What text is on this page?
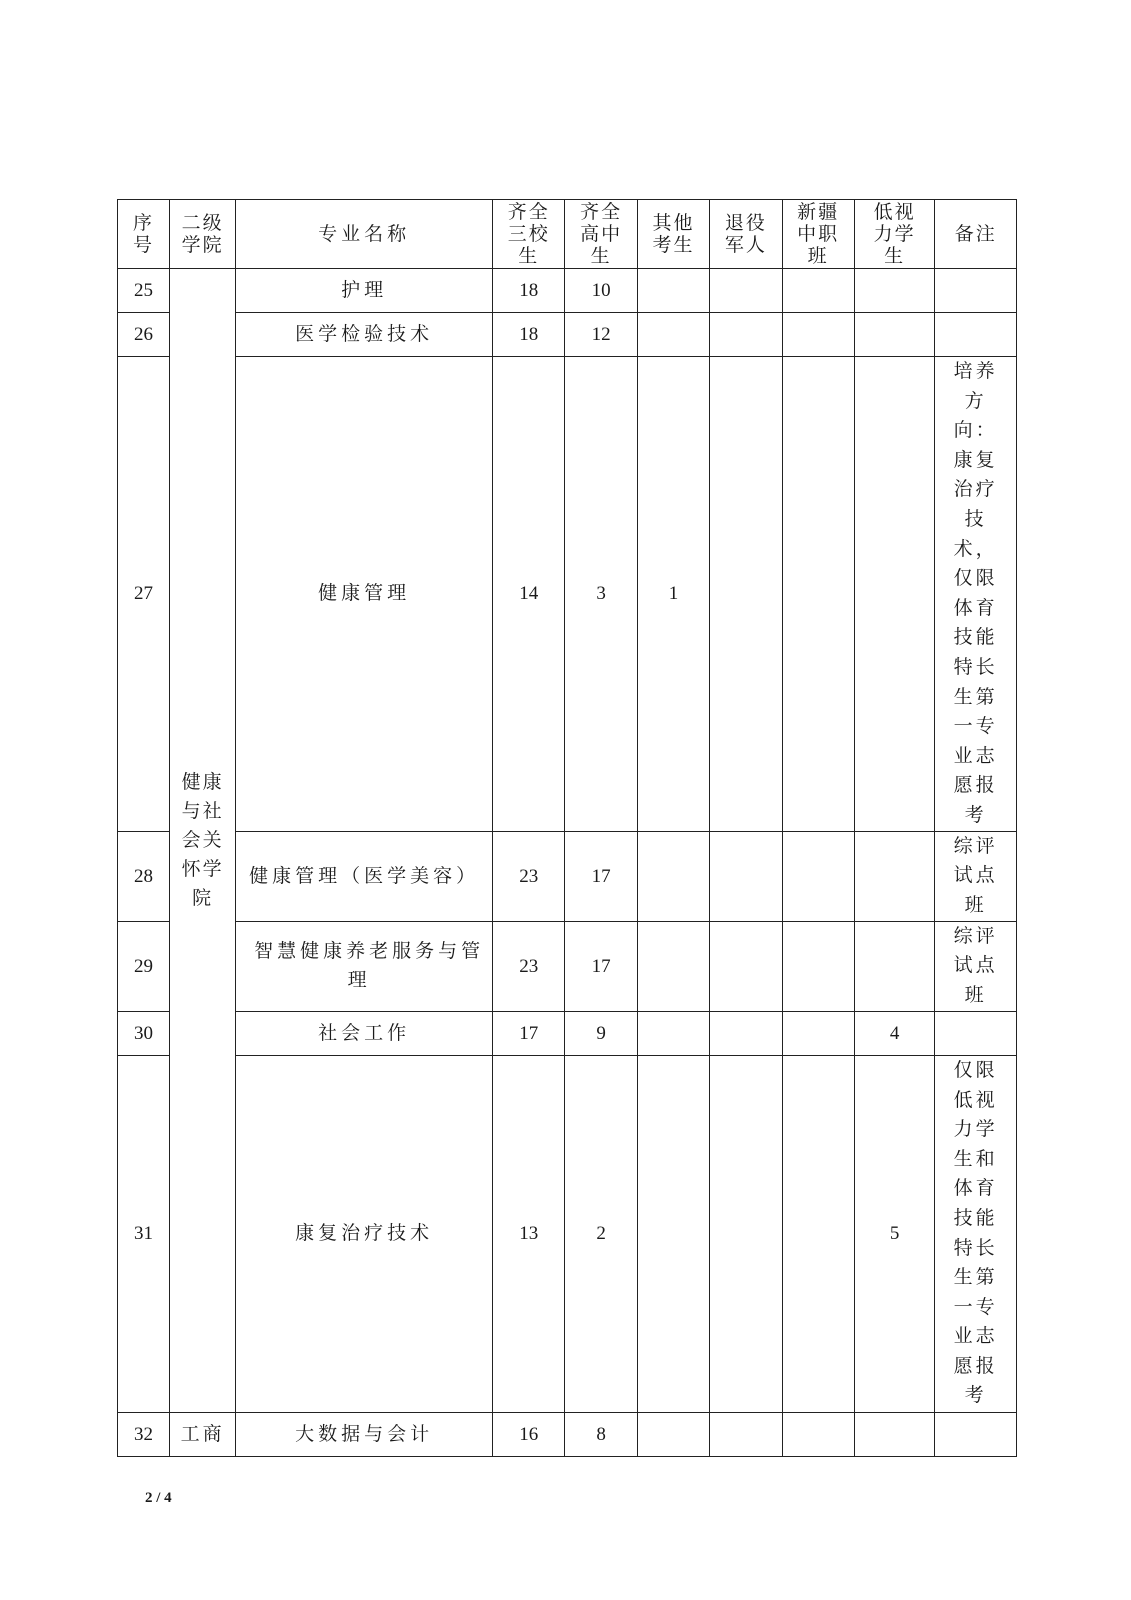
序号	二级学院	专业名称	齐全三校生	齐全高中生	其他考生	退役军人	新疆中职班	低视力学生	备注

25	健康与社会关怀学院	护理	18	10					

26		医学检验技术	18	12					

27		健康管理	14	3	1				培养方向：康复治疗技术，仅限体育技能特长生第一专业志愿报考

28		健康管理（医学美容）	23	17					综评试点班

29		智慧健康养老服务与管理	23	17					综评试点班

30		社会工作	17	9				4	

31		康复治疗技术	13	2				5	仅限低视力学生和体育技能特长生第一专业志愿报考

32	工商	大数据与会计	16	8					
2 / 4
